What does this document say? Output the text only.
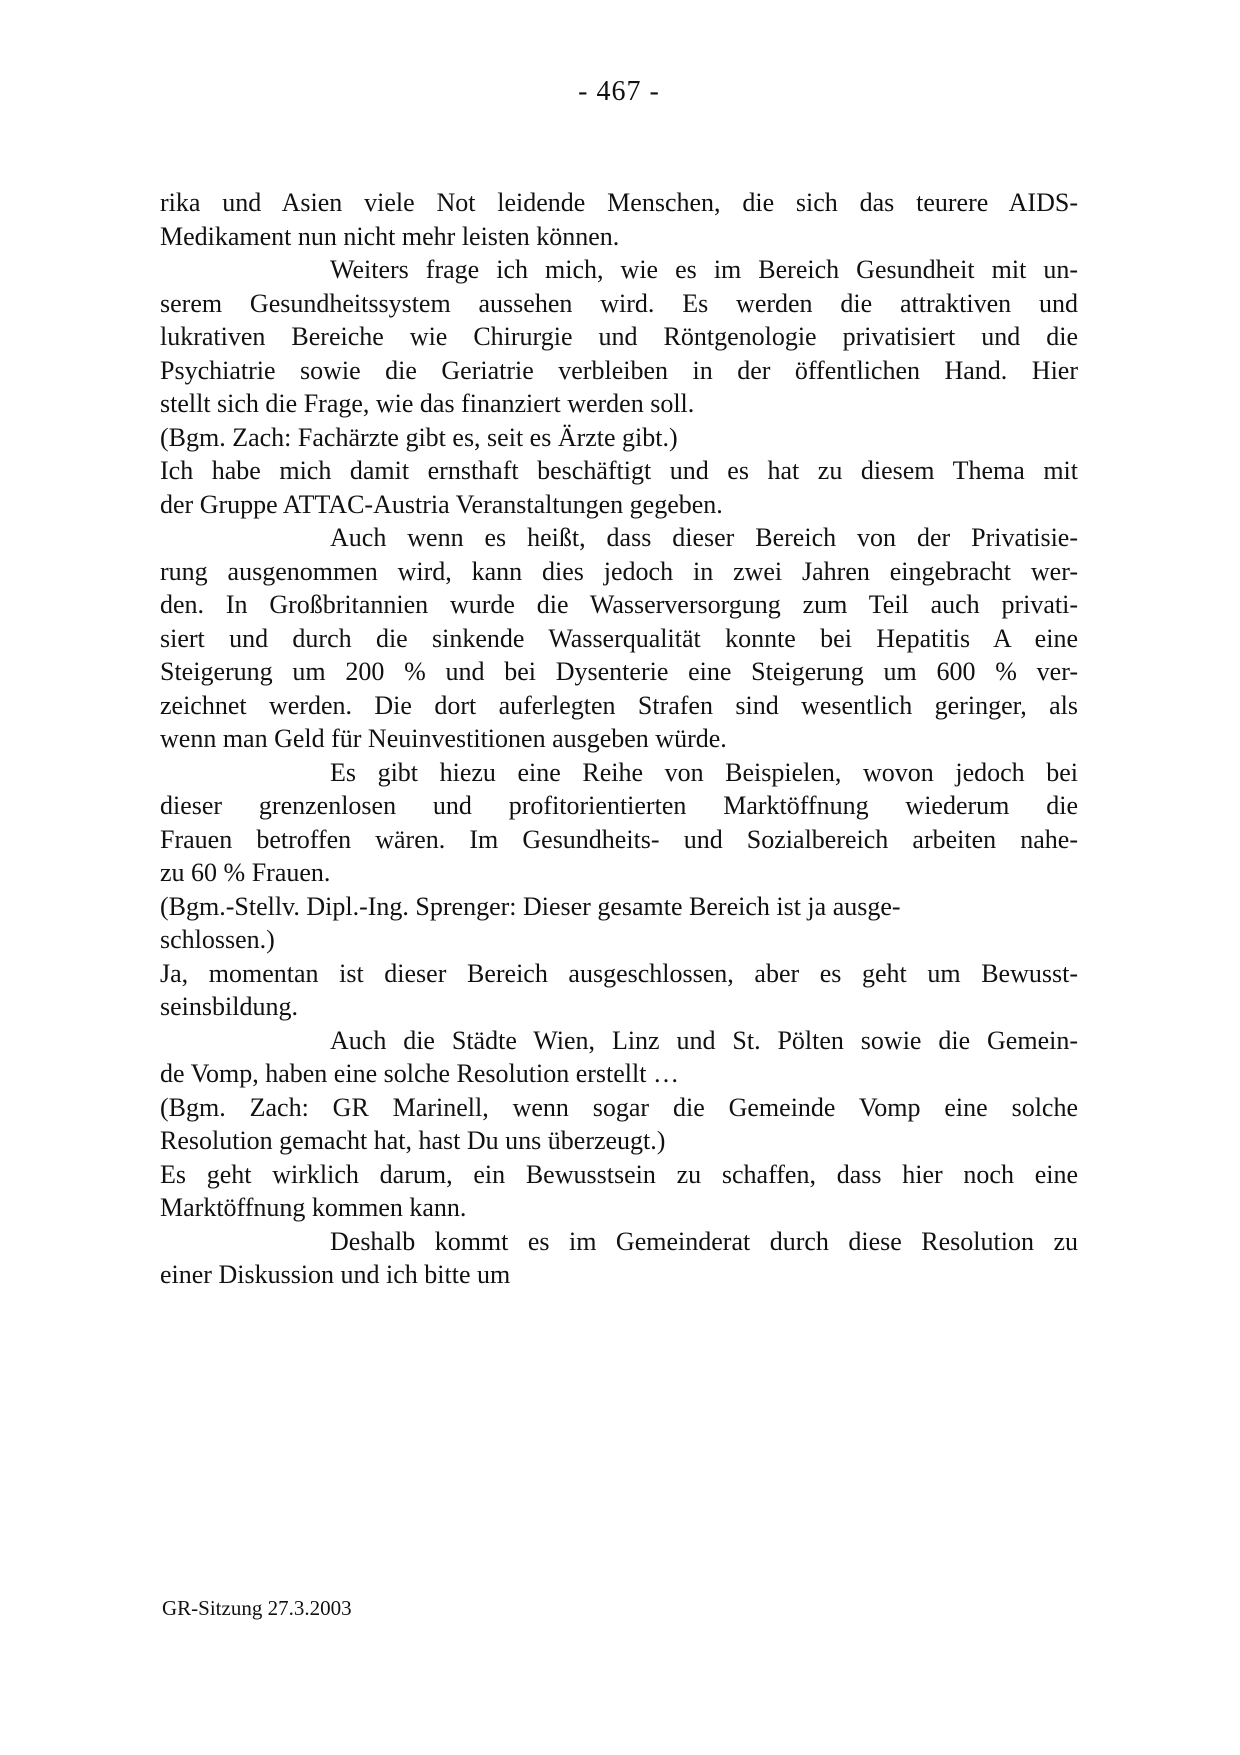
- 467 -
rika und Asien viele Not leidende Menschen, die sich das teurere AIDS-
Medikament nun nicht mehr leisten können.
Weiters frage ich mich, wie es im Bereich Gesundheit mit un-
serem Gesundheitssystem aussehen wird. Es werden die attraktiven und
lukrativen Bereiche wie Chirurgie und Röntgenologie privatisiert und die
Psychiatrie sowie die Geriatrie verbleiben in der öffentlichen Hand. Hier
stellt sich die Frage, wie das finanziert werden soll.
(Bgm. Zach: Fachärzte gibt es, seit es Ärzte gibt.)
Ich habe mich damit ernsthaft beschäftigt und es hat zu diesem Thema mit
der Gruppe ATTAC-Austria Veranstaltungen gegeben.
Auch wenn es heißt, dass dieser Bereich von der Privatisie-
rung ausgenommen wird, kann dies jedoch in zwei Jahren eingebracht wer-
den. In Großbritannien wurde die Wasserversorgung zum Teil auch privati-
siert und durch die sinkende Wasserqualität konnte bei Hepatitis A eine
Steigerung um 200 % und bei Dysenterie eine Steigerung um 600 % ver-
zeichnet werden. Die dort auferlegten Strafen sind wesentlich geringer, als
wenn man Geld für Neuinvestitionen ausgeben würde.
Es gibt hiezu eine Reihe von Beispielen, wovon jedoch bei
dieser grenzenlosen und profitorientierten Marktöffnung wiederum die
Frauen betroffen wären. Im Gesundheits- und Sozialbereich arbeiten nahe-
zu 60 % Frauen.
(Bgm.-Stellv. Dipl.-Ing. Sprenger: Dieser gesamte Bereich ist ja ausge-
schlossen.)
Ja, momentan ist dieser Bereich ausgeschlossen, aber es geht um Bewusst-
seinsbildung.
Auch die Städte Wien, Linz und St. Pölten sowie die Gemein-
de Vomp, haben eine solche Resolution erstellt …
(Bgm. Zach: GR Marinell, wenn sogar die Gemeinde Vomp eine solche
Resolution gemacht hat, hast Du uns überzeugt.)
Es geht wirklich darum, ein Bewusstsein zu schaffen, dass hier noch eine
Marktöffnung kommen kann.
Deshalb kommt es im Gemeinderat durch diese Resolution zu
einer Diskussion und ich bitte um
GR-Sitzung 27.3.2003
